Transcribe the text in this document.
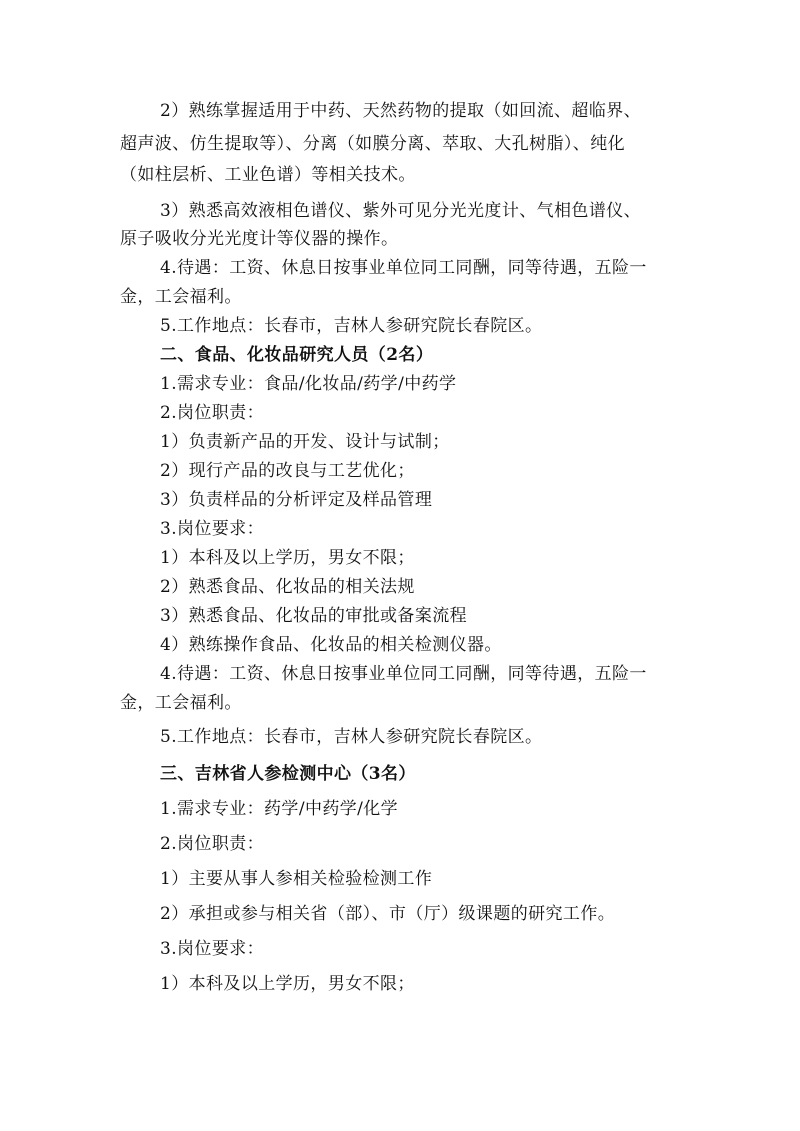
2）熟练掌握适用于中药、天然药物的提取（如回流、超临界、
超声波、仿生提取等）、分离（如膜分离、萃取、大孔树脂）、纯化
（如柱层析、工业色谱）等相关技术。
3）熟悉高效液相色谱仪、紫外可见分光光度计、气相色谱仪、
原子吸收分光光度计等仪器的操作。
4.待遇：工资、休息日按事业单位同工同酬，同等待遇，五险一
金，工会福利。
5.工作地点：长春市，吉林人参研究院长春院区。
二、食品、化妆品研究人员（2名）
1.需求专业：食品/化妆品/药学/中药学
2.岗位职责：
1）负责新产品的开发、设计与试制；
2）现行产品的改良与工艺优化；
3）负责样品的分析评定及样品管理
3.岗位要求：
1）本科及以上学历，男女不限；
2）熟悉食品、化妆品的相关法规
3）熟悉食品、化妆品的审批或备案流程
4）熟练操作食品、化妆品的相关检测仪器。
4.待遇：工资、休息日按事业单位同工同酬，同等待遇，五险一
金，工会福利。
5.工作地点：长春市，吉林人参研究院长春院区。
三、吉林省人参检测中心（3名）
1.需求专业：药学/中药学/化学
2.岗位职责：
1）主要从事人参相关检验检测工作
2）承担或参与相关省（部）、市（厅）级课题的研究工作。
3.岗位要求：
1）本科及以上学历，男女不限；
